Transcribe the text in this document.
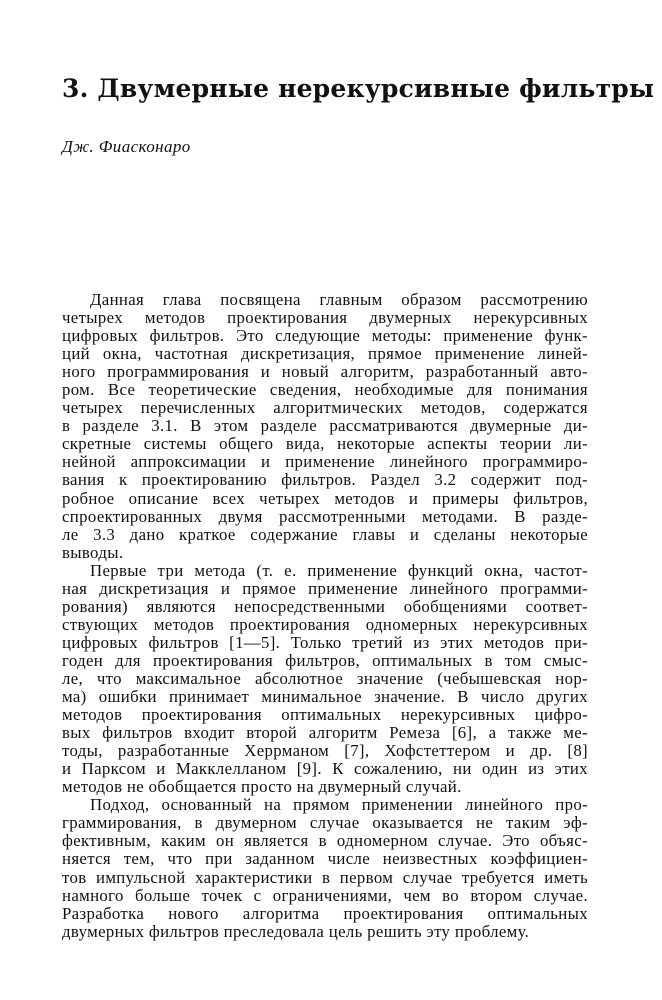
3. Двумерные нерекурсивные фильтры

Дж. Фиасконаро

Данная глава посвящена главным образом рассмотрению
четырех методов проектирования двумерных нерекурсивных
цифровых фильтров. Это следующие методы: применение функ-
ций окна, частотная дискретизация, прямое применение линей-
ного программирования и новый алгоритм, разработанный авто-
ром. Все теоретические сведения, необходимые для понимания
четырех перечисленных алгоритмических методов, содержатся
в разделе 3.1. В этом разделе рассматриваются двумерные ди-
скретные системы общего вида, некоторые аспекты теории ли-
нейной аппроксимации и применение линейного программиро-
вания к проектированию фильтров. Раздел 3.2 содержит под-
робное описание всех четырех методов и примеры фильтров,
спроектированных двумя рассмотренными методами. В разде-
ле 3.3 дано краткое содержание главы и сделаны некоторые
выводы.
Первые три метода (т. е. применение функций окна, частот-
ная дискретизация и прямое применение линейного программи-
рования) являются непосредственными обобщениями соответ-
ствующих методов проектирования одномерных нерекурсивных
цифровых фильтров [1—5]. Только третий из этих методов при-
годен для проектирования фильтров, оптимальных в том смыс-
ле, что максимальное абсолютное значение (чебышевская нор-
ма) ошибки принимает минимальное значение. В число других
методов проектирования оптимальных нерекурсивных цифро-
вых фильтров входит второй алгоритм Ремеза [6], а также ме-
тоды, разработанные Херрманом [7], Хофстеттером и др. [8]
и Парксом и Макклелланом [9]. К сожалению, ни один из этих
методов не обобщается просто на двумерный случай.
Подход, основанный на прямом применении линейного про-
граммирования, в двумерном случае оказывается не таким эф-
фективным, каким он является в одномерном случае. Это объяс-
няется тем, что при заданном числе неизвестных коэффициен-
тов импульсной характеристики в первом случае требуется иметь
намного больше точек с ограничениями, чем во втором случае.
Разработка нового алгоритма проектирования оптимальных
двумерных фильтров преследовала цель решить эту проблему.
